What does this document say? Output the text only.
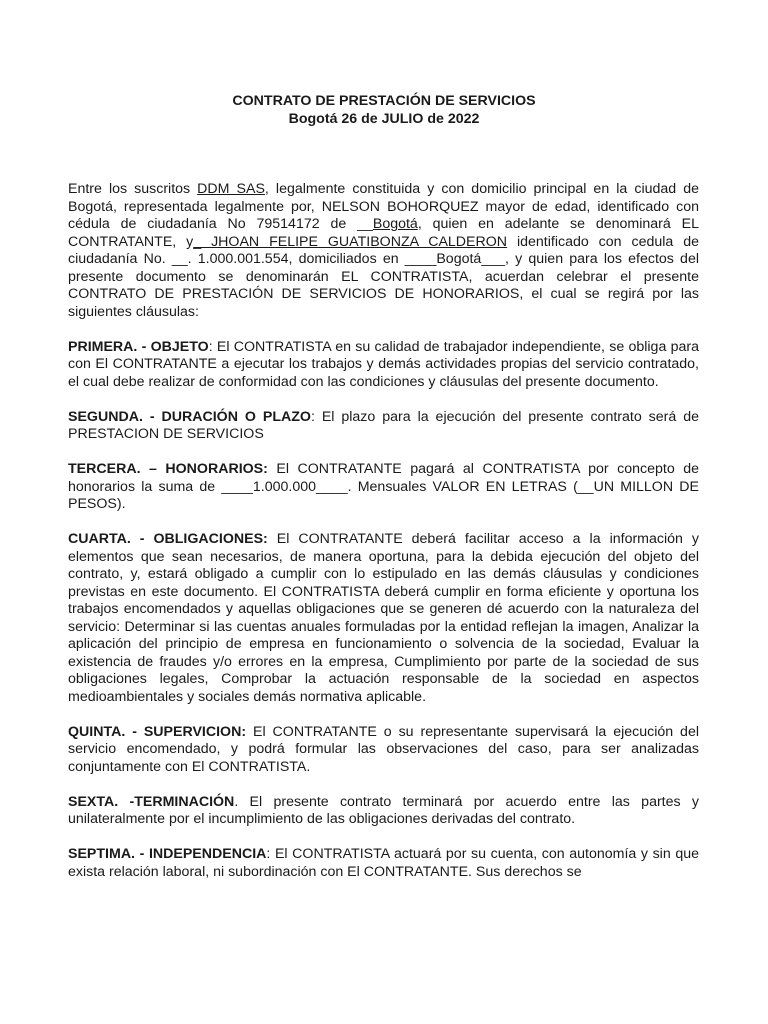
CONTRATO DE PRESTACIÓN DE SERVICIOS
Bogotá 26 de JULIO de 2022

Entre los suscritos DDM SAS, legalmente constituida y con domicilio principal en la ciudad de Bogotá, representada legalmente por, NELSON BOHORQUEZ mayor de edad, identificado con cédula de ciudadanía No 79514172 de __Bogotá, quien en adelante se denominará EL CONTRATANTE, y_ JHOAN FELIPE GUATIBONZA CALDERON identificado con cedula de ciudadanía No. __. 1.000.001.554, domiciliados en ____Bogotá___, y quien para los efectos del presente documento se denominarán EL CONTRATISTA, acuerdan celebrar el presente CONTRATO DE PRESTACIÓN DE SERVICIOS DE HONORARIOS, el cual se regirá por las siguientes cláusulas:

PRIMERA. - OBJETO: El CONTRATISTA en su calidad de trabajador independiente, se obliga para con El CONTRATANTE a ejecutar los trabajos y demás actividades propias del servicio contratado, el cual debe realizar de conformidad con las condiciones y cláusulas del presente documento.

SEGUNDA. - DURACIÓN O PLAZO: El plazo para la ejecución del presente contrato será de PRESTACION DE SERVICIOS

TERCERA. – HONORARIOS: El CONTRATANTE pagará al CONTRATISTA por concepto de honorarios la suma de ____1.000.000____. Mensuales VALOR EN LETRAS (__UN MILLON DE PESOS).

CUARTA. - OBLIGACIONES: El CONTRATANTE deberá facilitar acceso a la información y elementos que sean necesarios, de manera oportuna, para la debida ejecución del objeto del contrato, y, estará obligado a cumplir con lo estipulado en las demás cláusulas y condiciones previstas en este documento. El CONTRATISTA deberá cumplir en forma eficiente y oportuna los trabajos encomendados y aquellas obligaciones que se generen dé acuerdo con la naturaleza del servicio: Determinar si las cuentas anuales formuladas por la entidad reflejan la imagen, Analizar la aplicación del principio de empresa en funcionamiento o solvencia de la sociedad, Evaluar la existencia de fraudes y/o errores en la empresa, Cumplimiento por parte de la sociedad de sus obligaciones legales, Comprobar la actuación responsable de la sociedad en aspectos medioambientales y sociales demás normativa aplicable.

QUINTA. - SUPERVICION: El CONTRATANTE o su representante supervisará la ejecución del servicio encomendado, y podrá formular las observaciones del caso, para ser analizadas conjuntamente con El CONTRATISTA.

SEXTA. -TERMINACIÓN. El presente contrato terminará por acuerdo entre las partes y unilateralmente por el incumplimiento de las obligaciones derivadas del contrato.

SEPTIMA. - INDEPENDENCIA: El CONTRATISTA actuará por su cuenta, con autonomía y sin que exista relación laboral, ni subordinación con El CONTRATANTE. Sus derechos se
